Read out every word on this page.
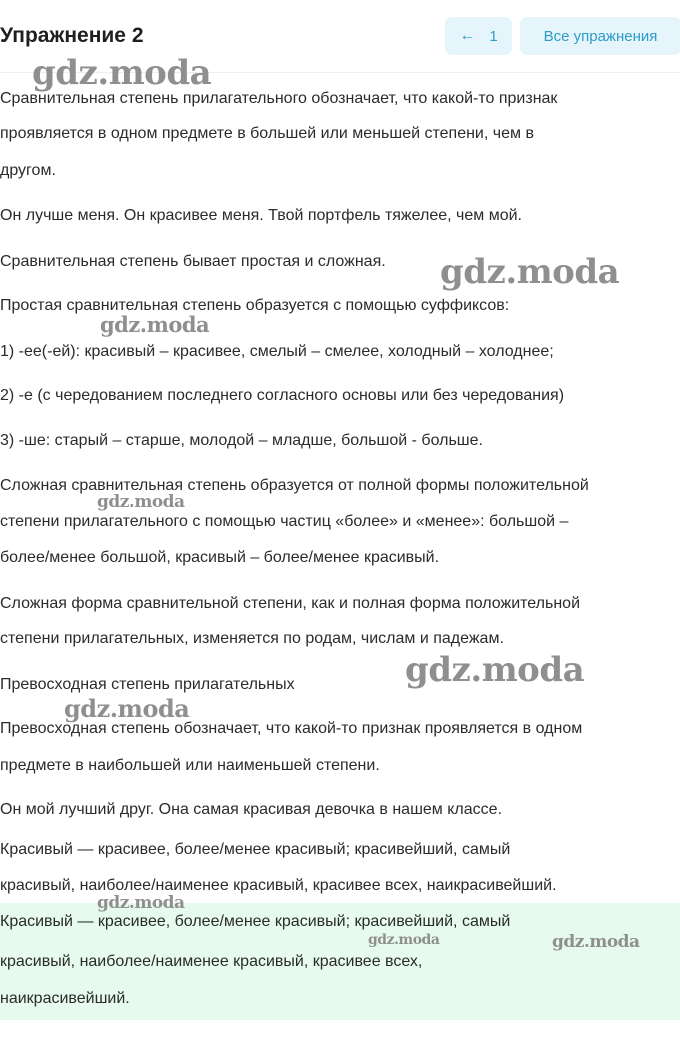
Упражнение 2	← 1	Все упражнения
Сравнительная степень прилагательного обозначает, что какой-то признак
проявляется в одном предмете в большей или меньшей степени, чем в
другом.
Он лучше меня. Он красивее меня. Твой портфель тяжелее, чем мой.
Сравнительная степень бывает простая и сложная.
Простая сравнительная степень образуется с помощью суффиксов:
1) -ее(-ей): красивый – красивее, смелый – смелее, холодный – холоднее;
2) -е (с чередованием последнего согласного основы или без чередования)
3) -ше: старый – старше, молодой – младше, большой - больше.
Сложная сравнительная степень образуется от полной формы положительной
степени прилагательного с помощью частиц «более» и «менее»: большой –
более/менее большой, красивый – более/менее красивый.
Сложная форма сравнительной степени, как и полная форма положительной
степени прилагательных, изменяется по родам, числам и падежам.
Превосходная степень прилагательных
Превосходная степень обозначает, что какой-то признак проявляется в одном
предмете в наибольшей или наименьшей степени.
Он мой лучший друг. Она самая красивая девочка в нашем классе.
Красивый — красивее, более/менее красивый; красивейший, самый
красивый, наиболее/наименее красивый, красивее всех, наикрасивейший.
Красивый — красивее, более/менее красивый; красивейший, самый
красивый, наиболее/наименее красивый, красивее всех,
наикрасивейший.
gdz.moda
gdz.moda
gdz.moda
gdz.moda
gdz.moda
gdz.moda
gdz.moda
gdz.moda	gdz.moda
